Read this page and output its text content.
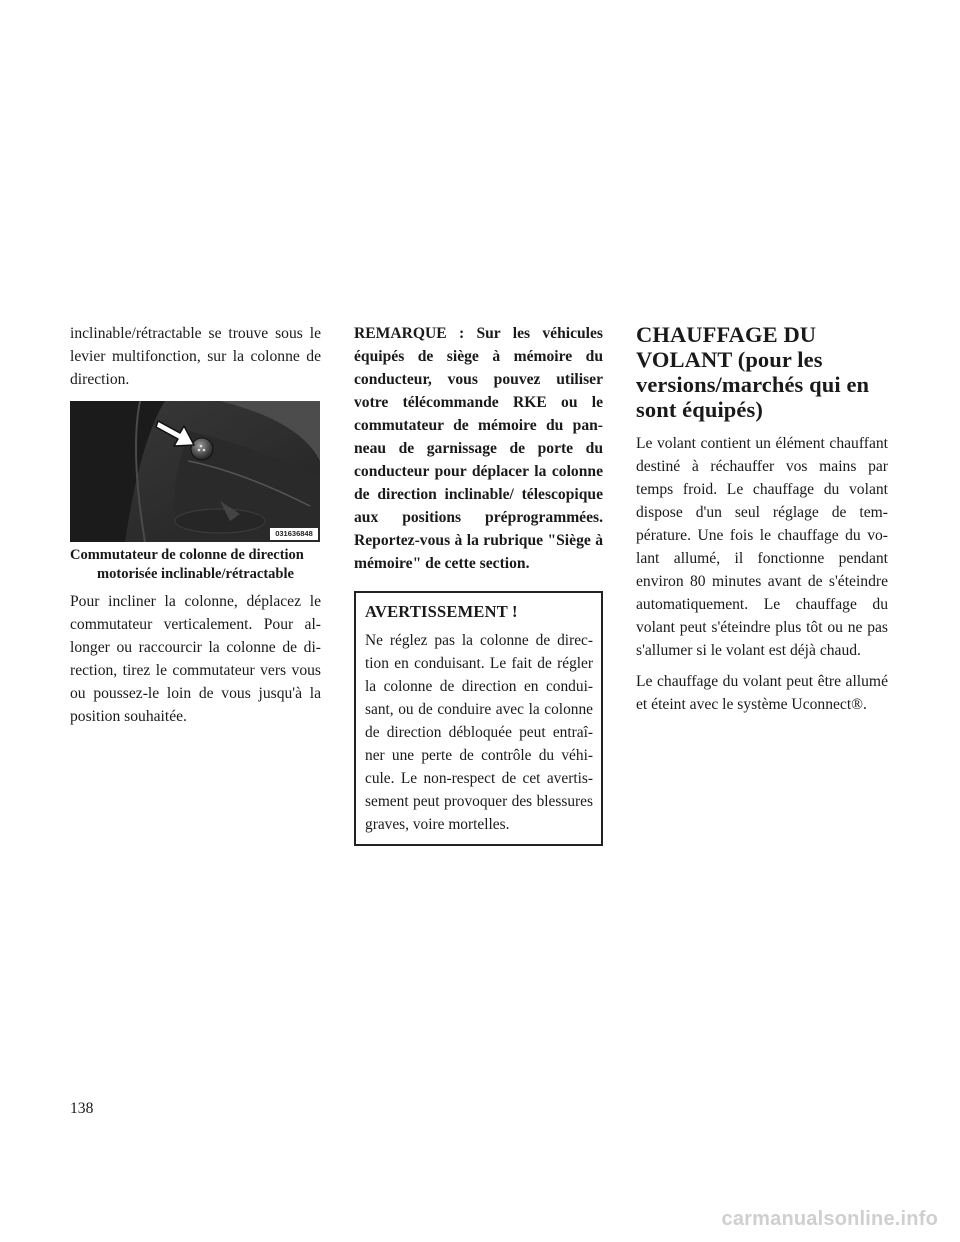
inclinable/rétractable se trouve sous le levier multifonction, sur la colonne de direction.

031636848

Commutateur de colonne de direction
motorisée inclinable/rétractable

Pour incliner la colonne, déplacez le commutateur verticalement. Pour allonger ou raccourcir la colonne de direction, tirez le commutateur vers vous ou poussez-le loin de vous jusqu'à la position souhaitée.

REMARQUE : Sur les véhicules équipés de siège à mémoire du conducteur, vous pouvez utiliser votre télécommande RKE ou le commutateur de mémoire du panneau de garnissage de porte du conducteur pour déplacer la colonne de direction inclinable/ télescopique aux positions préprogrammées. Reportez-vous à la rubrique "Siège à mémoire" de cette section.

AVERTISSEMENT !

Ne réglez pas la colonne de direction en conduisant. Le fait de régler la colonne de direction en conduisant, ou de conduire avec la colonne de direction débloquée peut entraîner une perte de contrôle du véhicule. Le non-respect de cet avertissement peut provoquer des blessures graves, voire mortelles.

CHAUFFAGE DU VOLANT (pour les versions/marchés qui en sont équipés)

Le volant contient un élément chauffant destiné à réchauffer vos mains par temps froid. Le chauffage du volant dispose d'un seul réglage de température. Une fois le chauffage du volant allumé, il fonctionne pendant environ 80 minutes avant de s'éteindre automatiquement. Le chauffage du volant peut s'éteindre plus tôt ou ne pas s'allumer si le volant est déjà chaud.

Le chauffage du volant peut être allumé et éteint avec le système Uconnect®.

138
carmanualsonline.info
